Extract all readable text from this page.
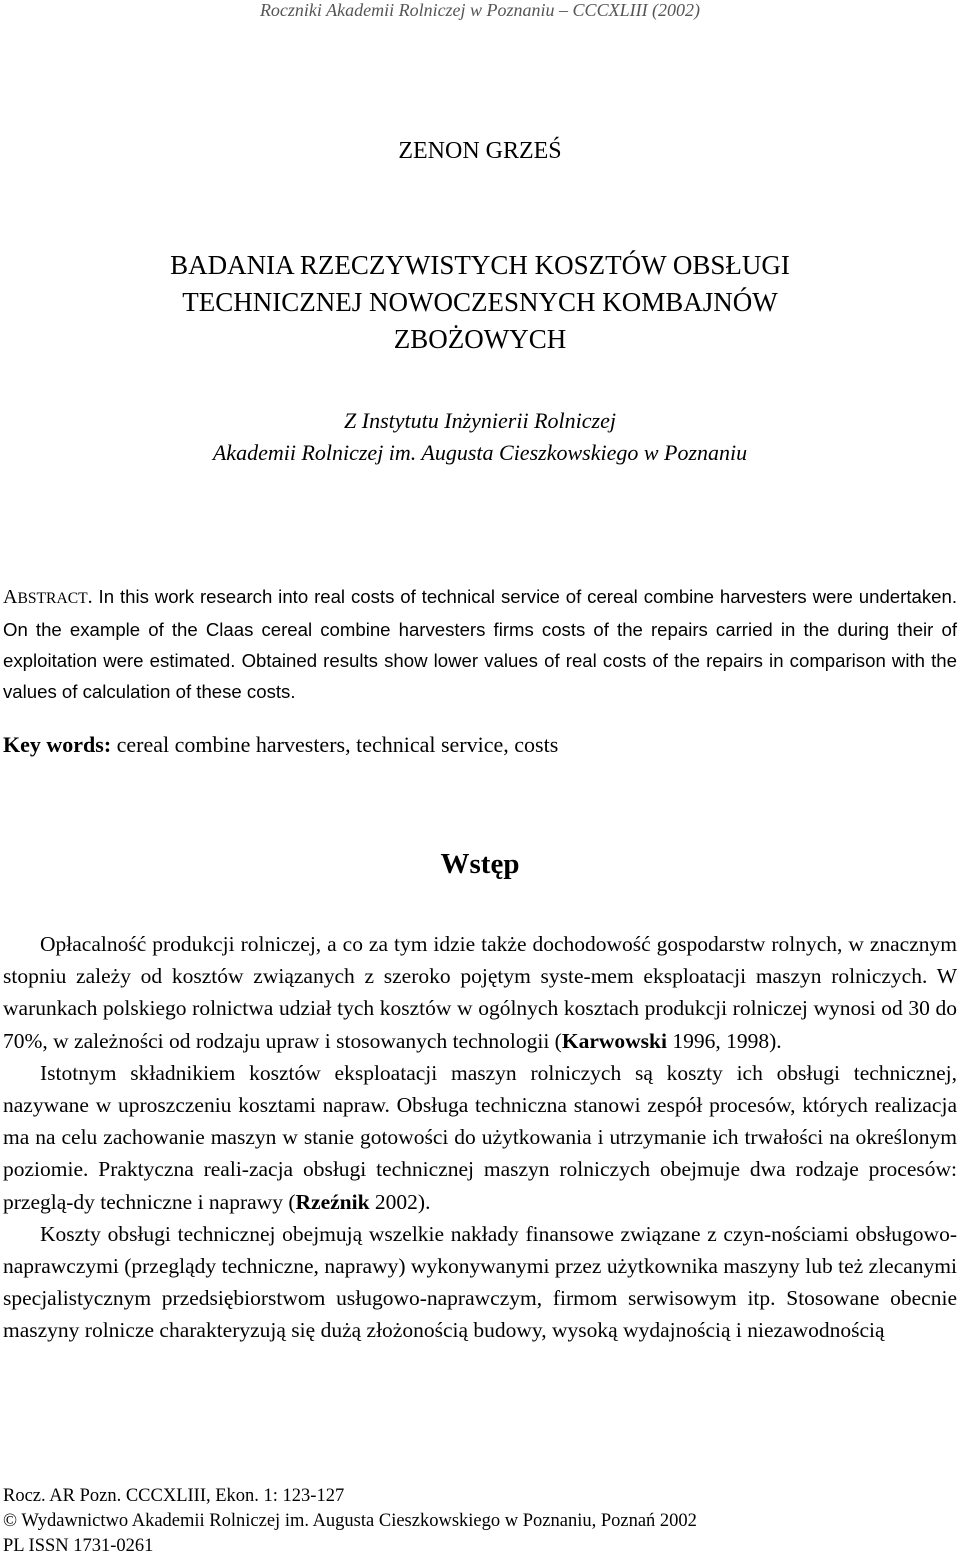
Roczniki Akademii Rolniczej w Poznaniu – CCCXLIII (2002)
ZENON GRZEŚ
BADANIA RZECZYWISTYCH KOSZTÓW OBSŁUGI
TECHNICZNEJ NOWOCZESNYCH KOMBAJNÓW
ZBOŻOWYCH
Z Instytutu Inżynierii Rolniczej
Akademii Rolniczej im. Augusta Cieszkowskiego w Poznaniu

ABSTRACT. In this work research into real costs of technical service of cereal combine harvesters were undertaken. On the example of the Claas cereal combine harvesters firms costs of the repairs carried in the during their of exploitation were estimated. Obtained results show lower values of real costs of the repairs in comparison with the values of calculation of these costs.

Key words: cereal combine harvesters, technical service, costs

Wstęp

Opłacalność produkcji rolniczej, a co za tym idzie także dochodowość gospodarstw rolnych, w znacznym stopniu zależy od kosztów związanych z szeroko pojętym syste-mem eksploatacji maszyn rolniczych. W warunkach polskiego rolnictwa udział tych kosztów w ogólnych kosztach produkcji rolniczej wynosi od 30 do 70%, w zależności od rodzaju upraw i stosowanych technologii (Karwowski 1996, 1998).

Istotnym składnikiem kosztów eksploatacji maszyn rolniczych są koszty ich obsługi technicznej, nazywane w uproszczeniu kosztami napraw. Obsługa techniczna stanowi zespół procesów, których realizacja ma na celu zachowanie maszyn w stanie gotowości do użytkowania i utrzymanie ich trwałości na określonym poziomie. Praktyczna reali-zacja obsługi technicznej maszyn rolniczych obejmuje dwa rodzaje procesów: przeglą-dy techniczne i naprawy (Rzeźnik 2002).

Koszty obsługi technicznej obejmują wszelkie nakłady finansowe związane z czyn-nościami obsługowo-naprawczymi (przeglądy techniczne, naprawy) wykonywanymi przez użytkownika maszyny lub też zlecanymi specjalistycznym przedsiębiorstwom usługowo-naprawczym, firmom serwisowym itp. Stosowane obecnie maszyny rolnicze charakteryzują się dużą złożonością budowy, wysoką wydajnością i niezawodnością

Rocz. AR Pozn. CCCXLIII, Ekon. 1: 123-127
© Wydawnictwo Akademii Rolniczej im. Augusta Cieszkowskiego w Poznaniu, Poznań 2002
PL ISSN 1731-0261
